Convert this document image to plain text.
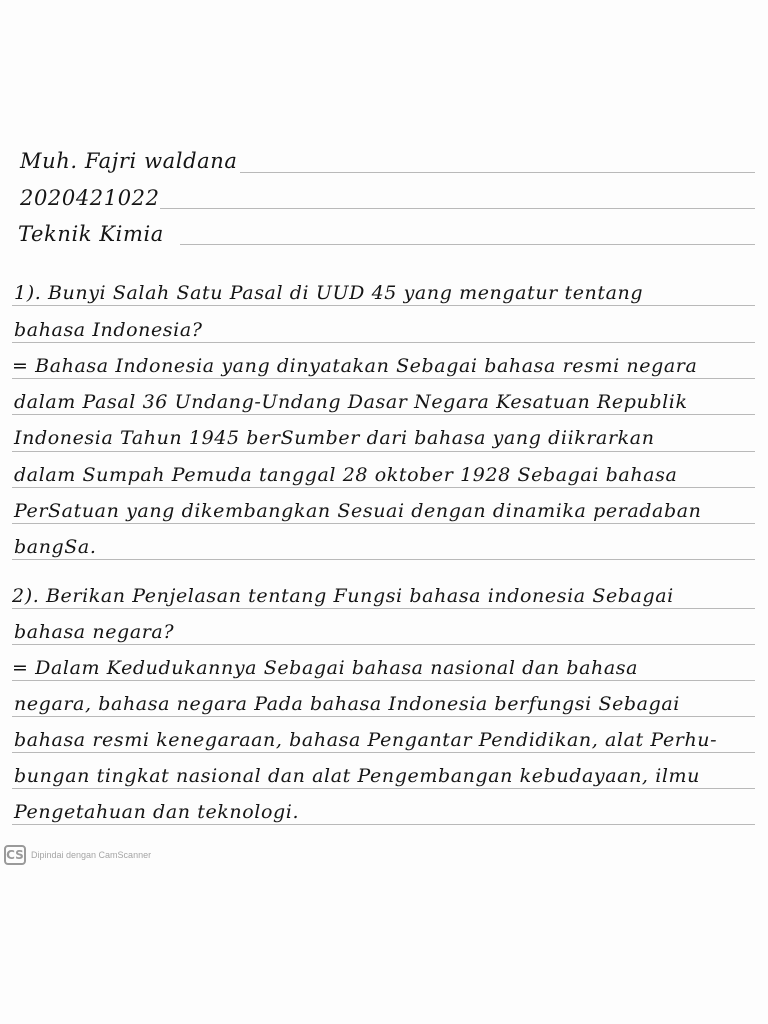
Muh. Fajri waldana
2020421022
Teknik Kimia
1). Bunyi Salah Satu Pasal di UUD 45 yang mengatur tentang
bahasa Indonesia?
= Bahasa Indonesia yang dinyatakan Sebagai bahasa resmi negara
dalam Pasal 36 Undang-Undang Dasar Negara Kesatuan Republik
Indonesia Tahun 1945 berSumber dari bahasa yang diikrarkan
dalam Sumpah Pemuda tanggal 28 oktober 1928 Sebagai bahasa
PerSatuan yang dikembangkan Sesuai dengan dinamika peradaban
bangSa.
2). Berikan Penjelasan tentang Fungsi bahasa indonesia Sebagai
bahasa negara?
= Dalam Kedudukannya Sebagai bahasa nasional dan bahasa
negara, bahasa negara Pada bahasa Indonesia berfungsi Sebagai
bahasa resmi kenegaraan, bahasa Pengantar Pendidikan, alat Perhu-
bungan tingkat nasional dan alat Pengembangan kebudayaan, ilmu
Pengetahuan dan teknologi.
CS Dipindai dengan CamScanner
